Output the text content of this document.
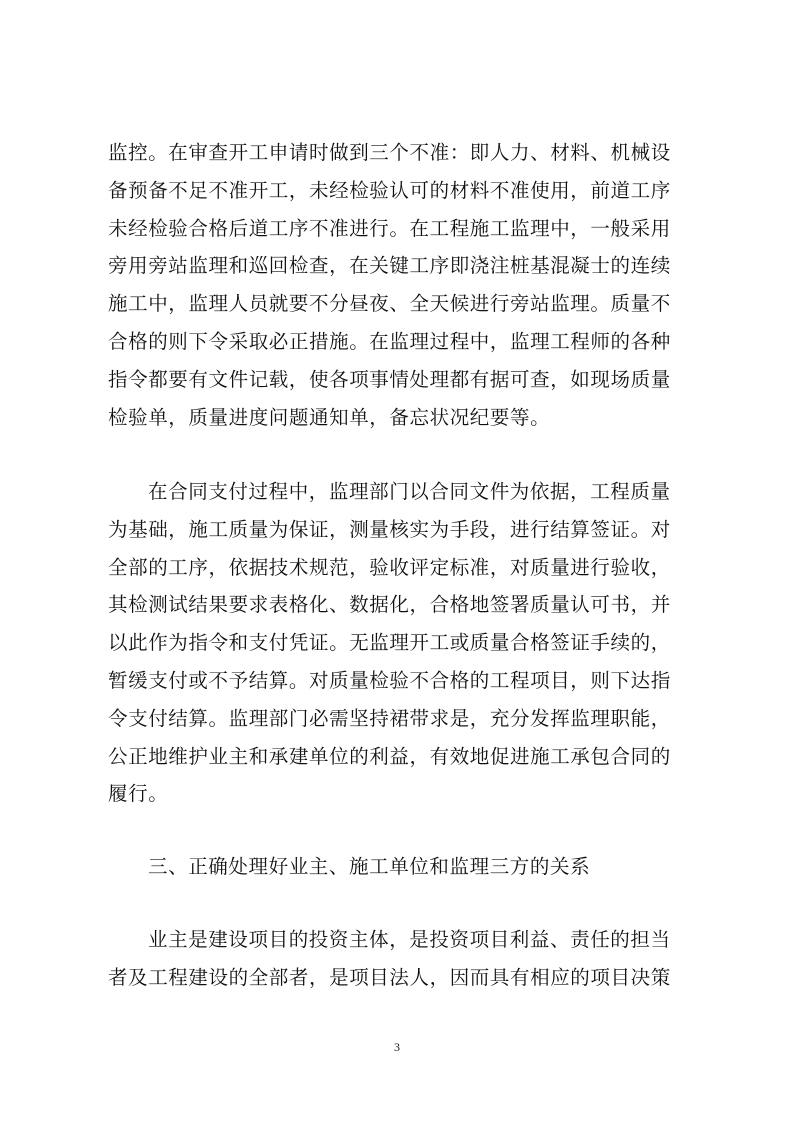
监控。在审查开工申请时做到三个不准：即人力、材料、机械设
备预备不足不准开工，未经检验认可的材料不准使用，前道工序
未经检验合格后道工序不准进行。在工程施工监理中，一般采用
旁用旁站监理和巡回检查，在关键工序即浇注桩基混凝士的连续
施工中，监理人员就要不分昼夜、全天候进行旁站监理。质量不
合格的则下令采取必正措施。在监理过程中，监理工程师的各种
指令都要有文件记载，使各项事情处理都有据可查，如现场质量
检验单，质量进度问题通知单，备忘状况纪要等。
在合同支付过程中，监理部门以合同文件为依据，工程质量
为基础，施工质量为保证，测量核实为手段，进行结算签证。对
全部的工序，依据技术规范，验收评定标准，对质量进行验收，
其检测试结果要求表格化、数据化，合格地签署质量认可书，并
以此作为指令和支付凭证。无监理开工或质量合格签证手续的，
暂缓支付或不予结算。对质量检验不合格的工程项目，则下达指
令支付结算。监理部门必需坚持裙带求是，充分发挥监理职能，
公正地维护业主和承建单位的利益，有效地促进施工承包合同的
履行。
三、正确处理好业主、施工单位和监理三方的关系
业主是建设项目的投资主体，是投资项目利益、责任的担当
者及工程建设的全部者，是项目法人，因而具有相应的项目决策
3
